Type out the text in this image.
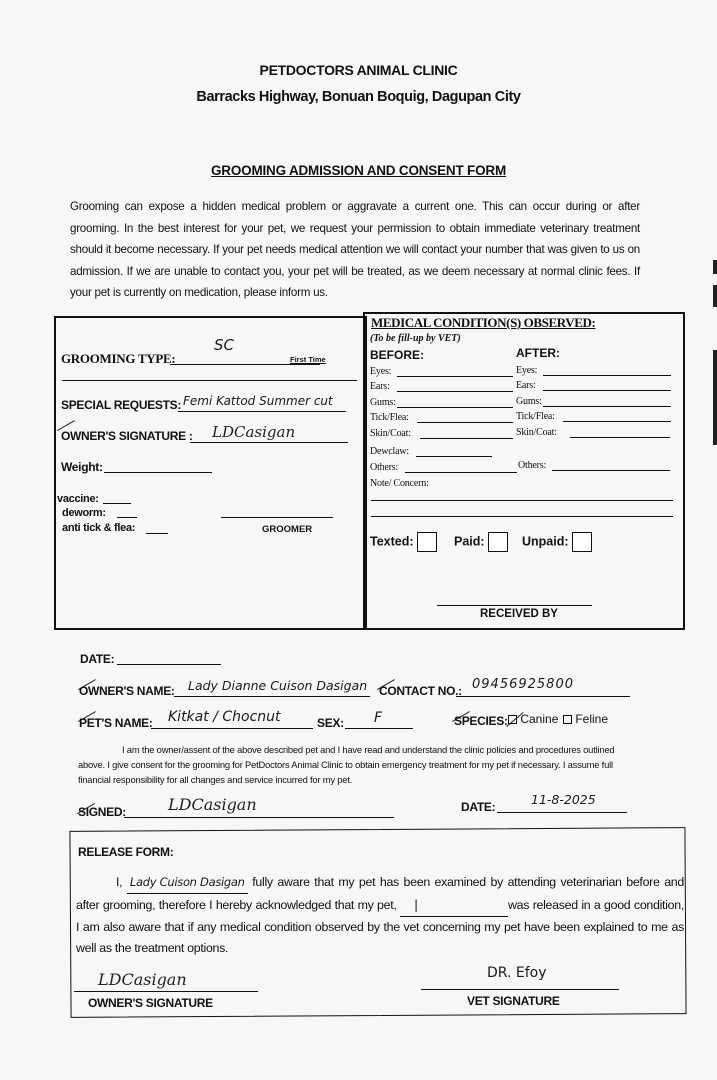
PETDOCTORS ANIMAL CLINIC
Barracks Highway, Bonuan Boquig, Dagupan City
GROOMING ADMISSION AND CONSENT FORM
Grooming can expose a hidden medical problem or aggravate a current one. This can occur during or after grooming. In the best interest for your pet, we request your permission to obtain immediate veterinary treatment should it become necessary. If your pet needs medical attention we will contact your number that was given to us on admission. If we are unable to contact you, your pet will be treated, as we deem necessary at normal clinic fees. If your pet is currently on medication, please inform us.
GROOMING TYPE:
SC
First Time
SPECIAL REQUESTS: Femi Kattod Summer cut
OWNER'S SIGNATURE : LDCasigan
Weight:
vaccine:
deworm:
anti tick & flea:	GROOMER
MEDICAL CONDITION(S) OBSERVED:
(To be fill-up by VET)
BEFORE:	AFTER:
Eyes:	Eyes:
Ears:	Ears:
Gums:	Gums:
Tick/Flea:	Tick/Flea:
Skin/Coat:	Skin/Coat:
Dewclaw:
Others:	Others:
Note/ Concern:
Texted:	Paid:	Unpaid:
RECEIVED BY
DATE:
OWNER'S NAME: Lady Dianne Cuison Dasigan CONTACT NO.: 09456925800
PET'S NAME: Kitkat / Chocnut	SEX: F	SPECIES:	Canine	Feline
I am the owner/assent of the above described pet and I have read and understand the clinic policies and procedures outlined above. I give consent for the grooming for PetDoctors Animal Clinic to obtain emergency treatment for my pet if necessary. I assume full financial responsibility for all changes and service incurred for my pet.
SIGNED:	LDCasigan	DATE:	11-8-2025
RELEASE FORM:
I, Lady Cuison Dasigan fully aware that my pet has been examined by attending veterinarian before and after grooming, therefore I hereby acknowledged that my pet, |	was released in a good condition, I am also aware that if any medical condition observed by the vet concerning my pet have been explained to me as well as the treatment options.
LDCasigan
OWNER'S SIGNATURE
DR. Efoy
VET SIGNATURE
